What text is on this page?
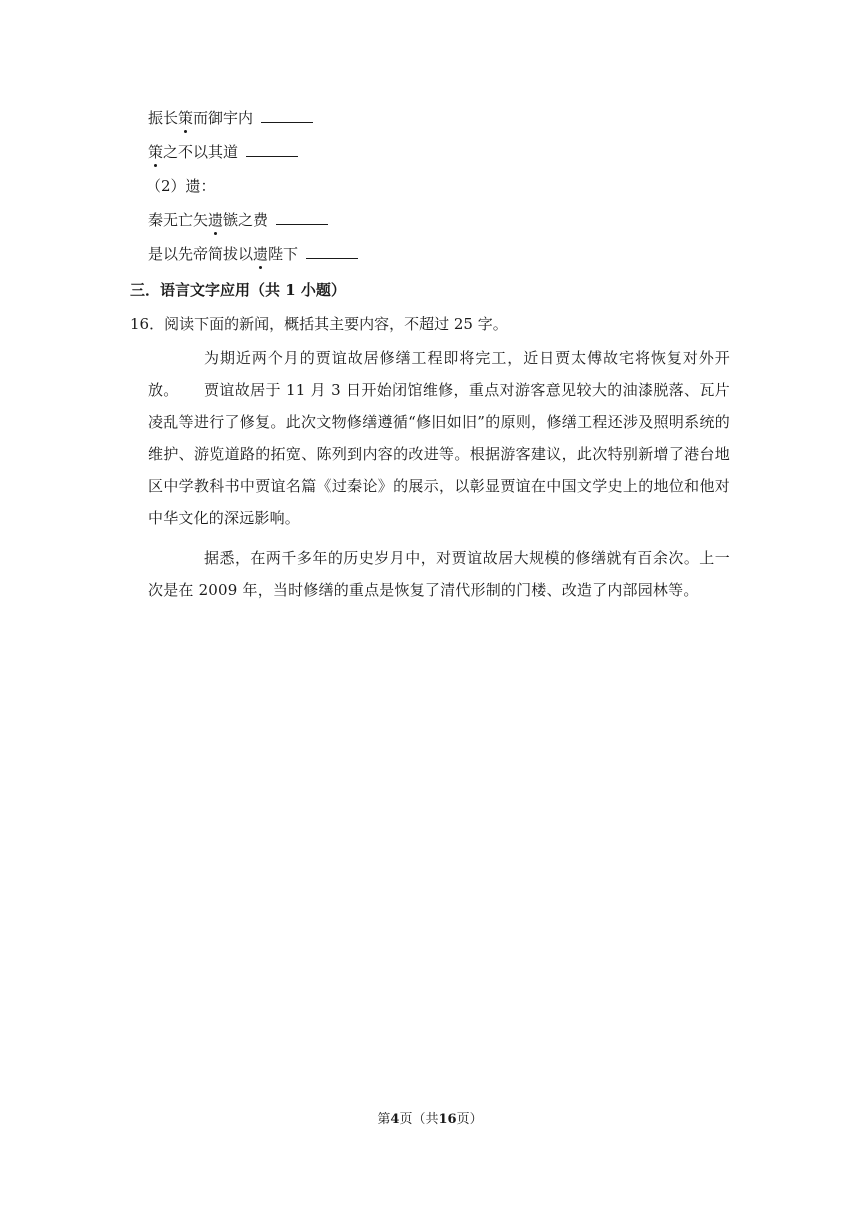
振长策而御宇内
策之不以其道
（2）遗：
秦无亡矢遗镞之费
是以先帝简拔以遗陛下
三．语言文字应用（共 1 小题）
16．阅读下面的新闻，概括其主要内容，不超过 25 字。
为期近两个月的贾谊故居修缮工程即将完工，近日贾太傅故宅将恢复对外开放。	贾谊故居于 11 月 3 日开始闭馆维修，重点对游客意见较大的油漆脱落、瓦片凌乱等进行了修复。此次文物修缮遵循“修旧如旧”的原则，修缮工程还涉及照明系统的维护、游览道路的拓宽、陈列到内容的改进等。根据游客建议，此次特别新增了港台地区中学教科书中贾谊名篇《过秦论》的展示，以彰显贾谊在中国文学史上的地位和他对中华文化的深远影响。
据悉，在两千多年的历史岁月中，对贾谊故居大规模的修缮就有百余次。上一次是在 2009 年，当时修缮的重点是恢复了清代形制的门楼、改造了内部园林等。
第4页（共16页）
